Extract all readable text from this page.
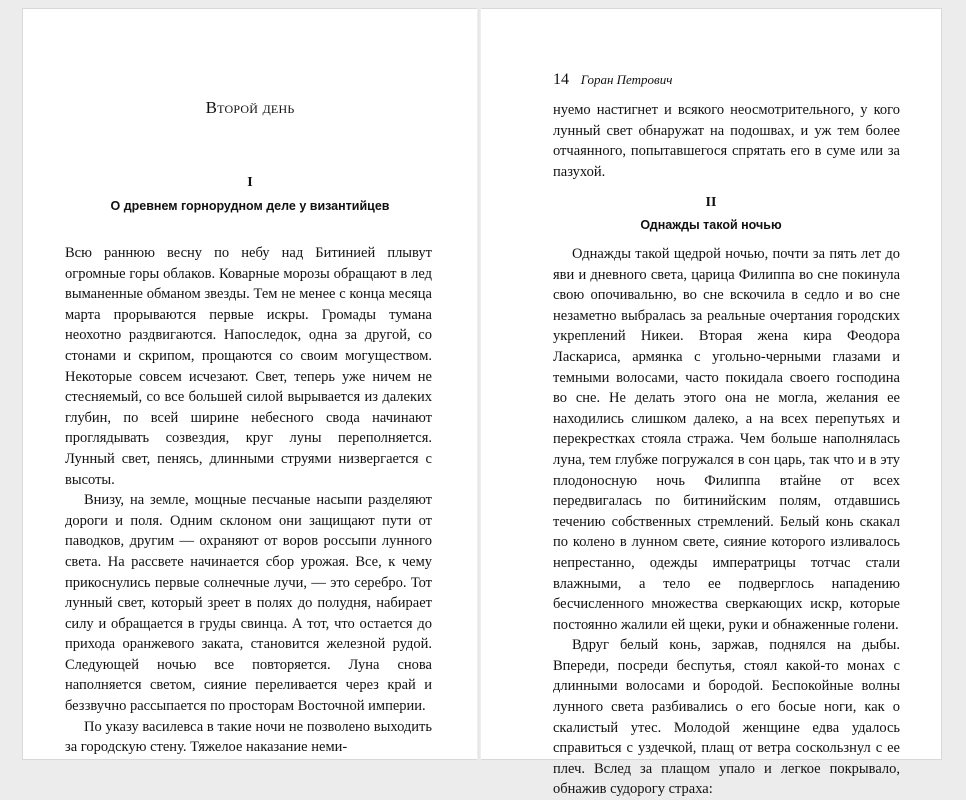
Второй день
I
О древнем горнорудном деле у византийцев

Всю раннюю весну по небу над Битинией плывут огромные горы облаков. Коварные морозы обращают в лед выманенные обманом звезды. Тем не менее с конца месяца марта прорываются первые искры. Громады тумана неохотно раздвигаются. Напоследок, одна за другой, со стонами и скрипом, прощаются со своим могуществом. Некоторые совсем исчезают. Свет, теперь уже ничем не стесняемый, со все большей силой вырывается из далеких глубин, по всей ширине небесного свода начинают проглядывать созвездия, круг луны переполняется. Лунный свет, пенясь, длинными струями низвергается с высоты.

Внизу, на земле, мощные песчаные насыпи разделяют дороги и поля. Одним склоном они защищают пути от паводков, другим — охраняют от воров россыпи лунного света. На рассвете начинается сбор урожая. Все, к чему прикоснулись первые солнечные лучи, — это серебро. Тот лунный свет, который зреет в полях до полудня, набирает силу и обращается в груды свинца. А тот, что остается до прихода оранжевого заката, становится железной рудой. Следующей ночью все повторяется. Луна снова наполняется светом, сияние переливается через край и беззвучно рассыпается по просторам Восточной империи.

По указу василевса в такие ночи не позволено выходить за городскую стену. Тяжелое наказание неми-

14 Горан Петрович

нуемо настигнет и всякого неосмотрительного, у кого лунный свет обнаружат на подошвах, и уж тем более отчаянного, попытавшегося спрятать его в суме или за пазухой.

II
Однажды такой ночью

Однажды такой щедрой ночью, почти за пять лет до яви и дневного света, царица Филиппа во сне покинула свою опочивальню, во сне вскочила в седло и во сне незаметно выбралась за реальные очертания городских укреплений Никеи. Вторая жена кира Феодора Ласкариса, армянка с угольно-черными глазами и темными волосами, часто покидала своего господина во сне. Не делать этого она не могла, желания ее находились слишком далеко, а на всех перепутьях и перекрестках стояла стража. Чем больше наполнялась луна, тем глубже погружался в сон царь, так что и в эту плодоносную ночь Филиппа втайне от всех передвигалась по битинийским полям, отдавшись течению собственных стремлений. Белый конь скакал по колено в лунном свете, сияние которого изливалось непрестанно, одежды императрицы тотчас стали влажными, а тело ее подверглось нападению бесчисленного множества сверкающих искр, которые постоянно жалили ей щеки, руки и обнаженные голени.

Вдруг белый конь, заржав, поднялся на дыбы. Впереди, посреди беспутья, стоял какой-то монах с длинными волосами и бородой. Беспокойные волны лунного света разбивались о его босые ноги, как о скалистый утес. Молодой женщине едва удалось справиться с уздечкой, плащ от ветра соскользнул с ее плеч. Вслед за плащом упало и легкое покрывало, обнажив судорогу страха:
